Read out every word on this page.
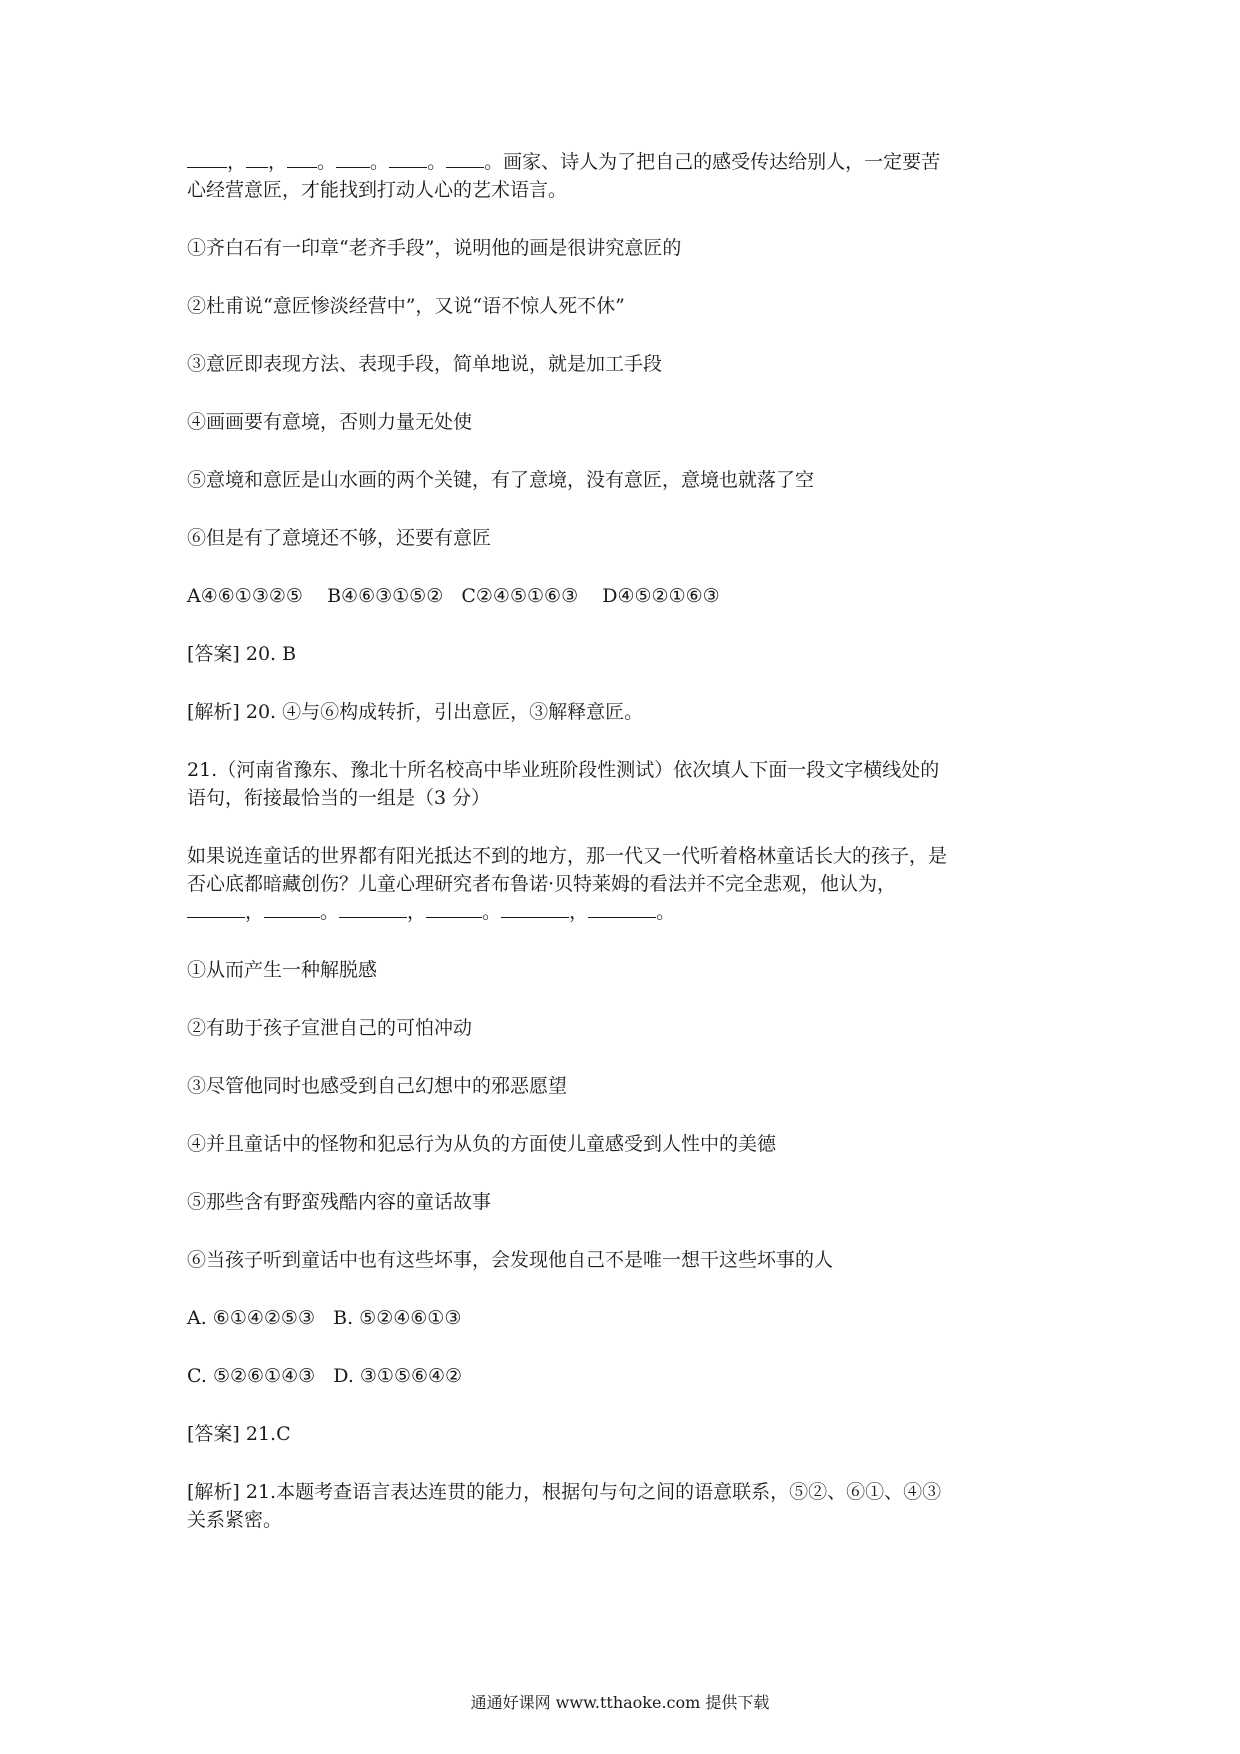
， ， 。 。 。 。画家、诗人为了把自己的感受传达给别人，一定要苦
心经营意匠，才能找到打动人心的艺术语言。
①齐白石有一印章“老齐手段”，说明他的画是很讲究意匠的
②杜甫说“意匠惨淡经营中”，又说“语不惊人死不休”
③意匠即表现方法、表现手段，简单地说，就是加工手段
④画画要有意境，否则力量无处使
⑤意境和意匠是山水画的两个关键，有了意境，没有意匠，意境也就落了空
⑥但是有了意境还不够，还要有意匠
A④⑥①③②⑤    B④⑥③①⑤②   C②④⑤①⑥③    D④⑤②①⑥③
[答案] 20. B
[解析] 20. ④与⑥构成转折，引出意匠，③解释意匠。
21.（河南省豫东、豫北十所名校高中毕业班阶段性测试）依次填人下面一段文字横线处的
语句，衔接最恰当的一组是（3 分）
如果说连童话的世界都有阳光抵达不到的地方，那一代又一代听着格林童话长大的孩子，是
否心底都暗藏创伤？儿童心理研究者布鲁诺·贝特莱姆的看法并不完全悲观，他认为，
，	。	，	。	，	。
①从而产生一种解脱感
②有助于孩子宣泄自己的可怕冲动
③尽管他同时也感受到自己幻想中的邪恶愿望
④并且童话中的怪物和犯忌行为从负的方面使儿童感受到人性中的美德
⑤那些含有野蛮残酷内容的童话故事
⑥当孩子听到童话中也有这些坏事，会发现他自己不是唯一想干这些坏事的人
A. ⑥①④②⑤③   B. ⑤②④⑥①③
C. ⑤②⑥①④③   D. ③①⑤⑥④②
[答案] 21.C
[解析] 21.本题考查语言表达连贯的能力，根据句与句之间的语意联系，⑤②、⑥①、④③
关系紧密。
通通好课网 www.tthaoke.com 提供下载
